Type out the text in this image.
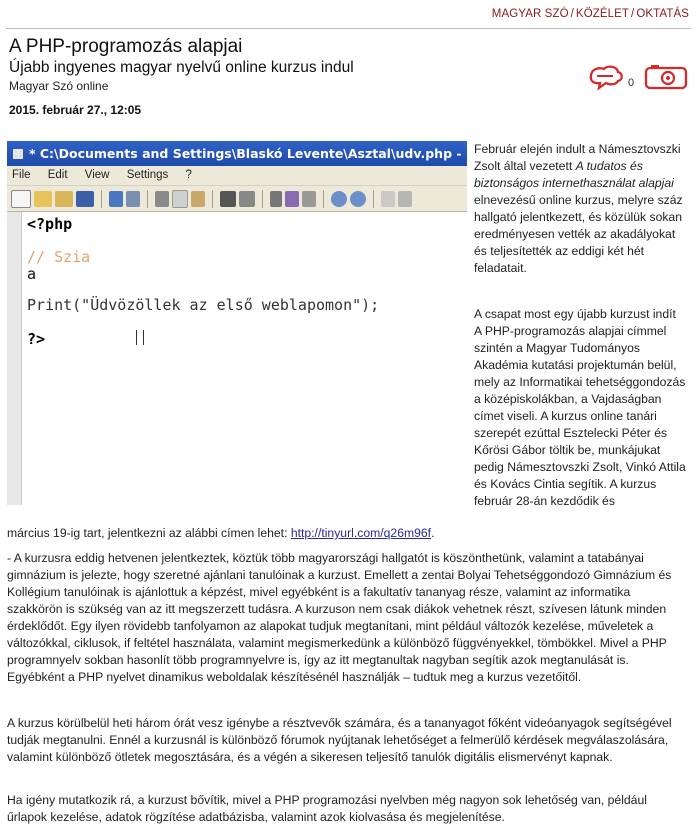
MAGYAR SZÓ / KÖZÉLET / OKTATÁS
A PHP-programozás alapjai
Újabb ingyenes magyar nyelvű online kurzus indul
Magyar Szó online
2015. február 27., 12:05
0
* C:\Documents and Settings\Blaskó Levente\Asztal\udv.php - Notepad++
File Edit View Settings ?
<?php
// Szia
a
Print("Üdvözöllek az első weblapomon");
?>
Február elején indult a Námesztovszki Zsolt által vezetett A tudatos és biztonságos internethasználat alapjai elnevezésű online kurzus, melyre száz hallgató jelentkezett, és közülük sokan eredményesen vették az akadályokat és teljesítették az eddigi két hét feladatait.
A csapat most egy újabb kurzust indít A PHP-programozás alapjai címmel szintén a Magyar Tudományos Akadémia kutatási projektumán belül, mely az Informatikai tehetséggondozás a középiskolákban, a Vajdaságban címet viseli. A kurzus online tanári szerepét ezúttal Esztelecki Péter és Kőrösi Gábor töltik be, munkájukat pedig Námesztovszki Zsolt, Vinkó Attila és Kovács Cintia segítik. A kurzus február 28-án kezdődik és
március 19-ig tart, jelentkezni az alábbi címen lehet: http://tinyurl.com/q26m96f.
- A kurzusra eddig hetvenen jelentkeztek, köztük több magyarországi hallgatót is köszönthetünk, valamint a tatabányai gimnázium is jelezte, hogy szeretné ajánlani tanulóinak a kurzust. Emellett a zentai Bolyai Tehetséggondozó Gimnázium és Kollégium tanulóinak is ajánlottuk a képzést, mivel egyébként is a fakultatív tananyag része, valamint az informatika szakkörön is szükség van az itt megszerzett tudásra. A kurzuson nem csak diákok vehetnek részt, szívesen látunk minden érdeklődőt. Egy ilyen rövidebb tanfolyamon az alapokat tudjuk megtanítani, mint például változók kezelése, műveletek a változókkal, ciklusok, if feltétel használata, valamint megismerkedünk a különböző függvényekkel, tömbökkel. Mivel a PHP programnyelv sokban hasonlít több programnyelvre is, így az itt megtanultak nagyban segítik azok megtanulását is. Egyébként a PHP nyelvet dinamikus weboldalak készítésénél használják – tudtuk meg a kurzus vezetőitől.
A kurzus körülbelül heti három órát vesz igénybe a résztvevők számára, és a tananyagot főként videóanyagok segítségével tudják megtanulni. Ennél a kurzusnál is különböző fórumok nyújtanak lehetőséget a felmerülő kérdések megválaszolására, valamint különböző ötletek megosztására, és a végén a sikeresen teljesítő tanulók digitális elismervényt kapnak.
Ha igény mutatkozik rá, a kurzust bővítik, mivel a PHP programozási nyelvben még nagyon sok lehetőség van, például űrlapok kezelése, adatok rögzítése adatbázisba, valamint azok kiolvasása és megjelenítése.
